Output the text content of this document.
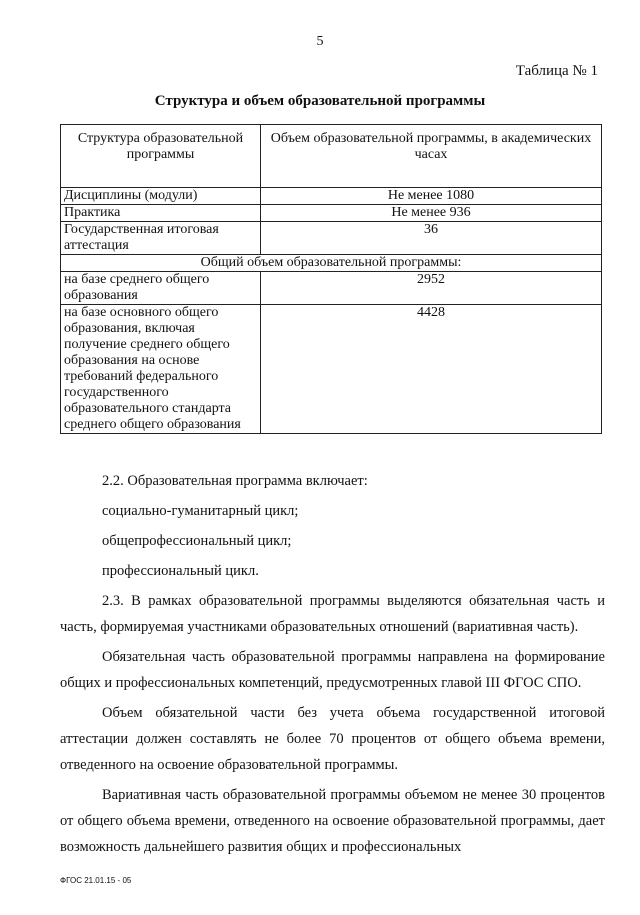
5
Таблица № 1
Структура и объем образовательной программы
Структура образовательной программы	Объем образовательной программы, в академических часах
Дисциплины (модули)	Не менее 1080
Практика	Не менее 936
Государственная итоговая аттестация	36
Общий объем образовательной программы:	
на базе среднего общего образования	2952
на базе основного общего образования, включая получение среднего общего образования на основе требований федерального государственного образовательного стандарта среднего общего образования	4428

2.2. Образовательная программа включает:

социально-гуманитарный цикл;

общепрофессиональный цикл;

профессиональный цикл.

2.3. В рамках образовательной программы выделяются обязательная часть и часть, формируемая участниками образовательных отношений (вариативная часть).

Обязательная часть образовательной программы направлена на формирование общих и профессиональных компетенций, предусмотренных главой III ФГОС СПО.

Объем обязательной части без учета объема государственной итоговой аттестации должен составлять не более 70 процентов от общего объема времени, отведенного на освоение образовательной программы.

Вариативная часть образовательной программы объемом не менее 30 процентов от общего объема времени, отведенного на освоение образовательной программы, дает возможность дальнейшего развития общих и профессиональных

ФГОС 21.01.15 - 05
